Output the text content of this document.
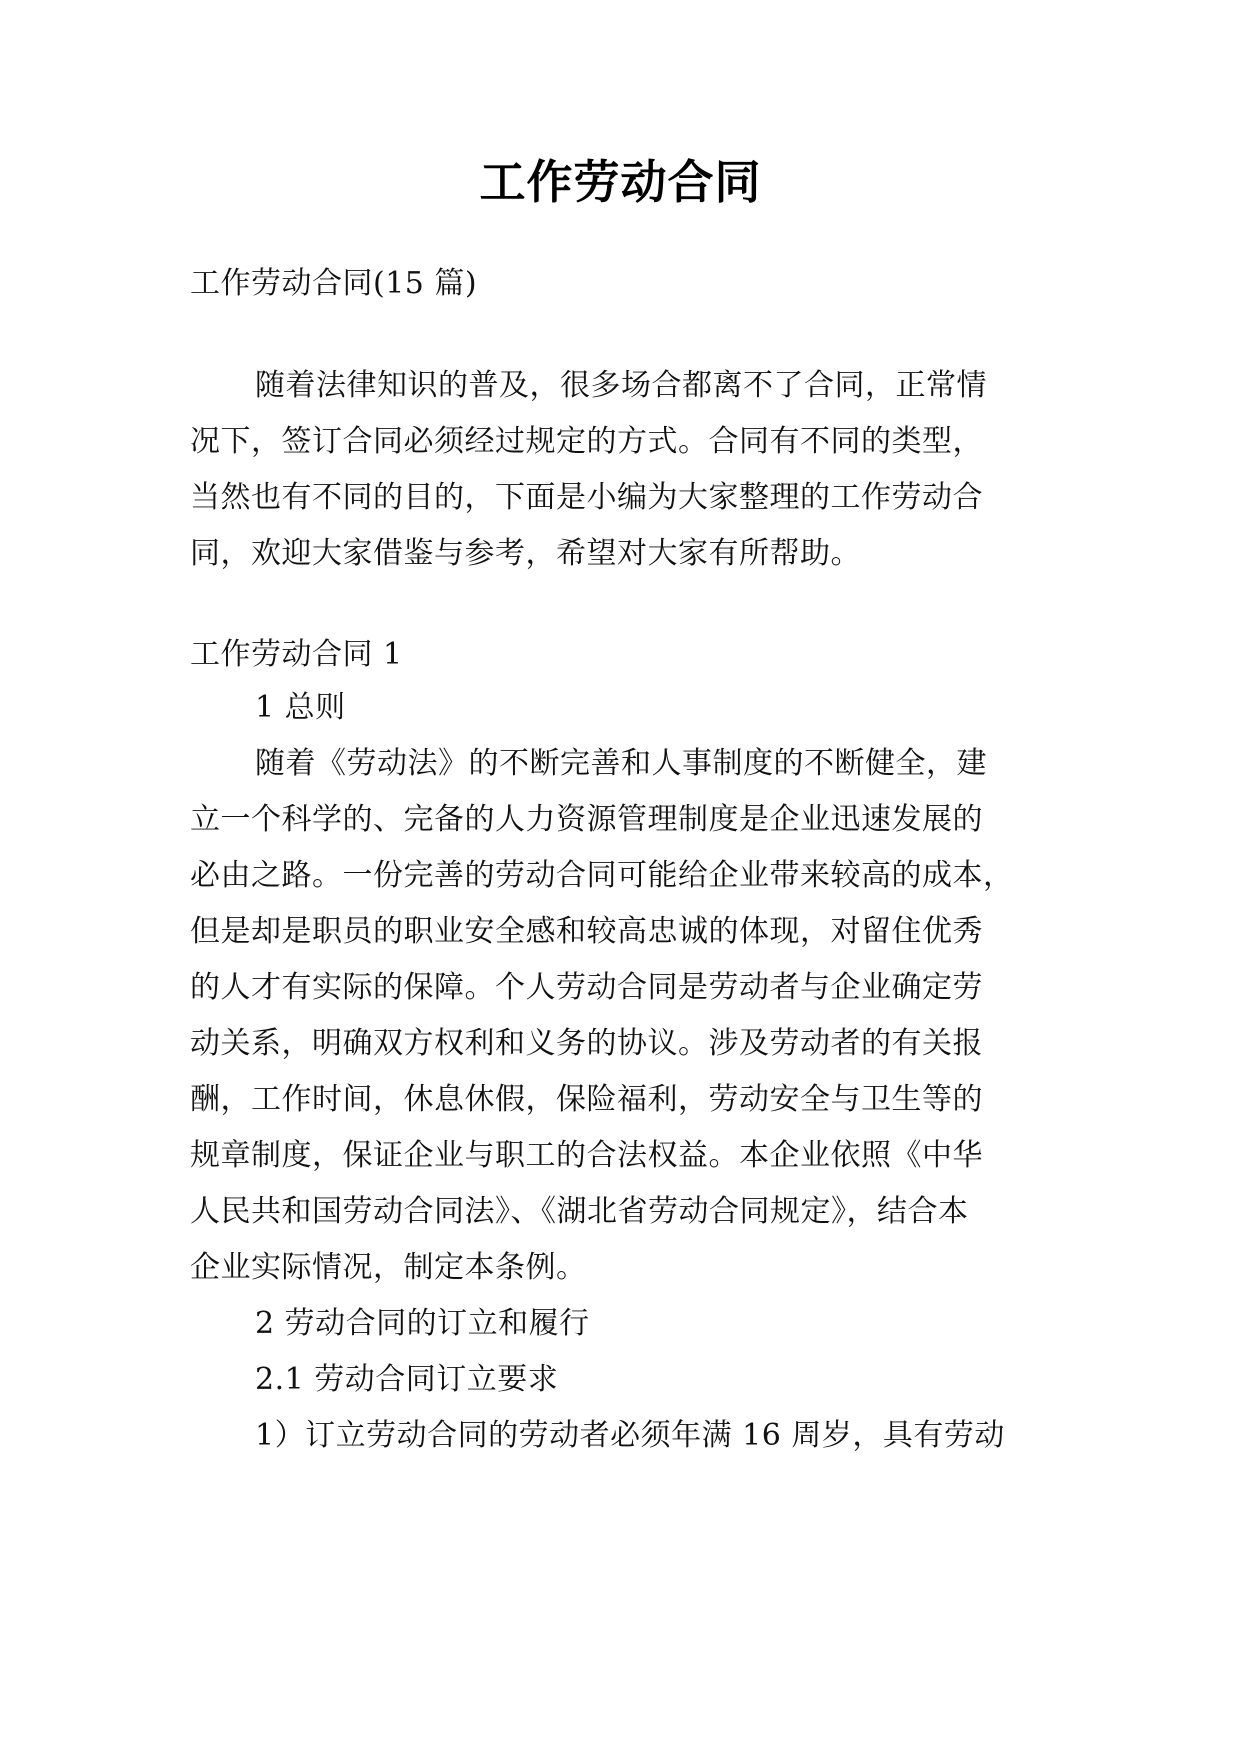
工作劳动合同
工作劳动合同(15 篇)
随着法律知识的普及，很多场合都离不了合同，正常情
况下，签订合同必须经过规定的方式。合同有不同的类型，
当然也有不同的目的，下面是小编为大家整理的工作劳动合
同，欢迎大家借鉴与参考，希望对大家有所帮助。
工作劳动合同 1
1 总则
随着《劳动法》的不断完善和人事制度的不断健全，建
立一个科学的、完备的人力资源管理制度是企业迅速发展的
必由之路。一份完善的劳动合同可能给企业带来较高的成本，
但是却是职员的职业安全感和较高忠诚的体现，对留住优秀
的人才有实际的保障。个人劳动合同是劳动者与企业确定劳
动关系，明确双方权利和义务的协议。涉及劳动者的有关报
酬，工作时间，休息休假，保险福利，劳动安全与卫生等的
规章制度，保证企业与职工的合法权益。本企业依照《中华
人民共和国劳动合同法》、《湖北省劳动合同规定》，结合本
企业实际情况，制定本条例。
2 劳动合同的订立和履行
2.1 劳动合同订立要求
1）订立劳动合同的劳动者必须年满 16 周岁，具有劳动
